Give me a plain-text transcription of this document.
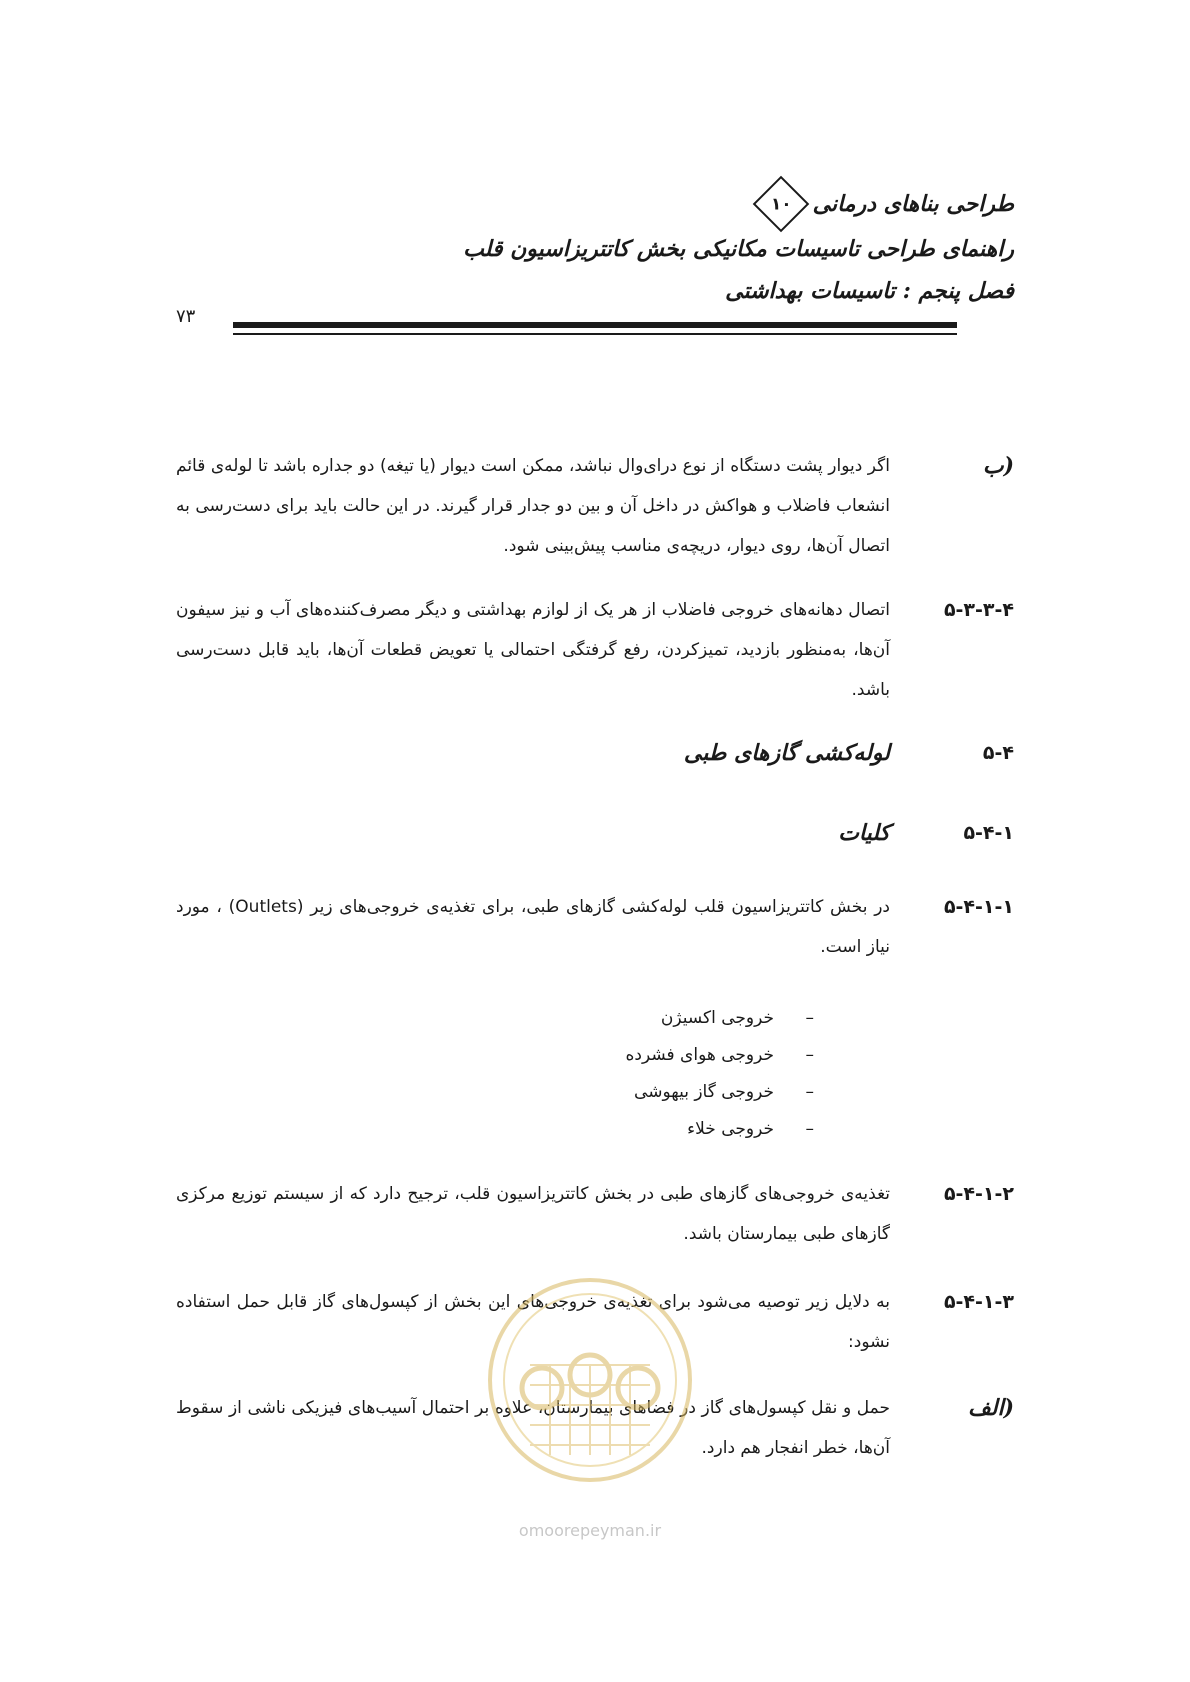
طراحی بناهای درمانی
۱۰
راهنمای طراحی تاسیسات مکانیکی بخش کاتتریزاسیون قلب
فصل پنجم : تاسیسات بهداشتی
۷۳
ب)
اگر دیوار پشت دستگاه از نوع درای‌وال نباشد، ممکن است دیوار (یا تیغه) دو جداره باشد تا لوله‌ی قائم انشعاب فاضلاب و هواکش در داخل آن و بین دو جدار قرار گیرند. در این حالت باید برای دست‌رسی به اتصال آن‌ها، روی دیوار، دریچه‌ی مناسب پیش‌بینی شود.
۵-۳-۳-۴
اتصال دهانه‌های خروجی فاضلاب از هر یک از لوازم بهداشتی و دیگر مصرف‌کننده‌های آب و نیز سیفون آن‌ها، به‌منظور بازدید، تمیزکردن، رفع گرفتگی احتمالی یا تعویض قطعات آن‌ها، باید قابل دست‌رسی باشد.
۵-۴
لوله‌کشی گازهای طبی
۵-۴-۱
کلیات
۵-۴-۱-۱
در بخش کاتتریزاسیون قلب لوله‌کشی گازهای طبی، برای تغذیه‌ی خروجی‌های زیر (Outlets) ، مورد نیاز است.
–خروجی اکسیژن
–خروجی هوای فشرده
–خروجی گاز بیهوشی
–خروجی خلاء
۵-۴-۱-۲
تغذیه‌ی خروجی‌های گازهای طبی در بخش کاتتریزاسیون قلب، ترجیح دارد که از سیستم توزیع مرکزی گازهای طبی بیمارستان باشد.
۵-۴-۱-۳
به دلایل زیر توصیه می‌شود برای تغذیه‌ی خروجی‌های این بخش از کپسول‌های گاز قابل حمل استفاده نشود:
الف)
حمل و نقل کپسول‌های گاز در فضاهای بیمارستان، علاوه بر احتمال آسیب‌های فیزیکی ناشی از سقوط آن‌ها، خطر انفجار هم دارد.
omoorepeyman.ir
